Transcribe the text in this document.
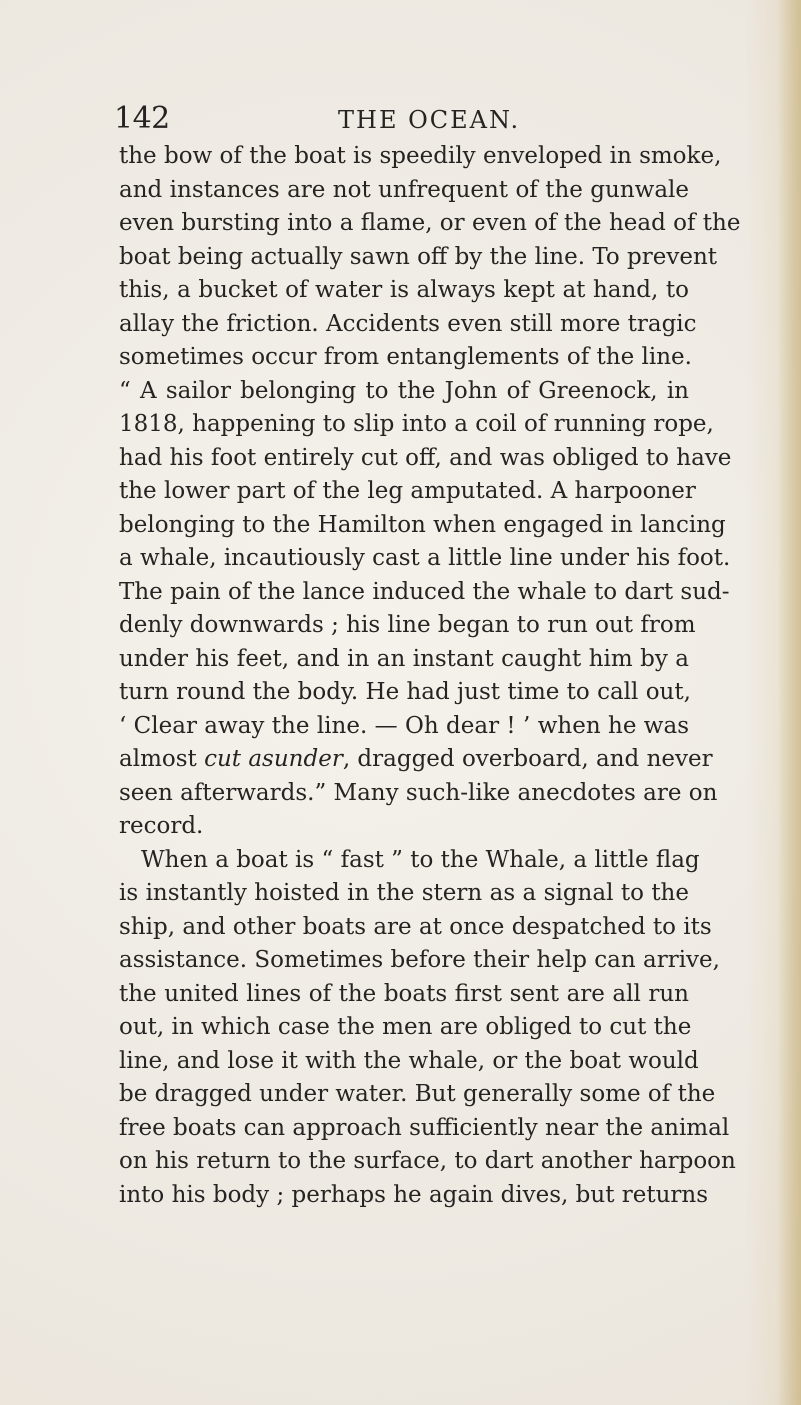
142	THE OCEAN.
the bow of the boat is speedily enveloped in smoke,
and instances are not unfrequent of the gunwale
even bursting into a flame, or even of the head of the
boat being actually sawn off by the line. To prevent
this, a bucket of water is always kept at hand, to
allay the friction. Accidents even still more tragic
sometimes occur from entanglements of the line.
“ A sailor belonging to the John of Greenock, in
1818, happening to slip into a coil of running rope,
had his foot entirely cut off, and was obliged to have
the lower part of the leg amputated. A harpooner
belonging to the Hamilton when engaged in lancing
a whale, incautiously cast a little line under his foot.
The pain of the lance induced the whale to dart sud-
denly downwards ; his line began to run out from
under his feet, and in an instant caught him by a
turn round the body. He had just time to call out,
‘ Clear away the line. — Oh dear ! ’ when he was
almost cut asunder, dragged overboard, and never
seen afterwards.” Many such-like anecdotes are on
record.
When a boat is “ fast ” to the Whale, a little flag
is instantly hoisted in the stern as a signal to the
ship, and other boats are at once despatched to its
assistance. Sometimes before their help can arrive,
the united lines of the boats first sent are all run
out, in which case the men are obliged to cut the
line, and lose it with the whale, or the boat would
be dragged under water. But generally some of the
free boats can approach sufficiently near the animal
on his return to the surface, to dart another harpoon
into his body ; perhaps he again dives, but returns
